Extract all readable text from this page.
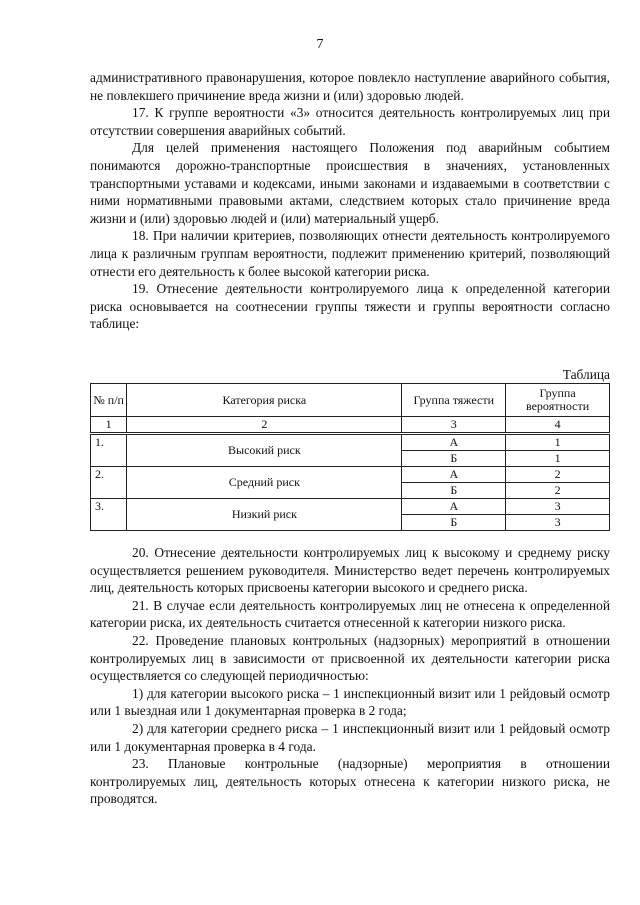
7

административного правонарушения, которое повлекло наступление аварийного события, не повлекшего причинение вреда жизни и (или) здоровью людей.

17. К группе вероятности «3» относится деятельность контролируемых лиц при отсутствии совершения аварийных событий.

Для целей применения настоящего Положения под аварийным событием понимаются дорожно-транспортные происшествия в значениях, установленных транспортными уставами и кодексами, иными законами и издаваемыми в соответствии с ними нормативными правовыми актами, следствием которых стало причинение вреда жизни и (или) здоровью людей и (или) материальный ущерб.

18. При наличии критериев, позволяющих отнести деятельность контролируемого лица к различным группам вероятности, подлежит применению критерий, позволяющий отнести его деятельность к более высокой категории риска.

19. Отнесение деятельности контролируемого лица к определенной категории риска основывается на соотнесении группы тяжести и группы вероятности согласно таблице:

Таблица
№ п/п	Категория риска	Группа тяжести	Группа вероятности
1	2	3	4
1.	Высокий риск	А	1
		Б	1
2.	Средний риск	А	2
		Б	2
3.	Низкий риск	А	3
		Б	3

20. Отнесение деятельности контролируемых лиц к высокому и среднему риску осуществляется решением руководителя. Министерство ведет перечень контролируемых лиц, деятельность которых присвоены категории высокого и среднего риска.

21. В случае если деятельность контролируемых лиц не отнесена к определенной категории риска, их деятельность считается отнесенной к категории низкого риска.

22. Проведение плановых контрольных (надзорных) мероприятий в отношении контролируемых лиц в зависимости от присвоенной их деятельности категории риска осуществляется со следующей периодичностью:

1) для категории высокого риска – 1 инспекционный визит или 1 рейдовый осмотр или 1 выездная или 1 документарная проверка в 2 года;

2) для категории среднего риска – 1 инспекционный визит или 1 рейдовый осмотр или 1 документарная проверка в 4 года.

23. Плановые контрольные (надзорные) мероприятия в отношении контролируемых лиц, деятельность которых отнесена к категории низкого риска, не проводятся.
